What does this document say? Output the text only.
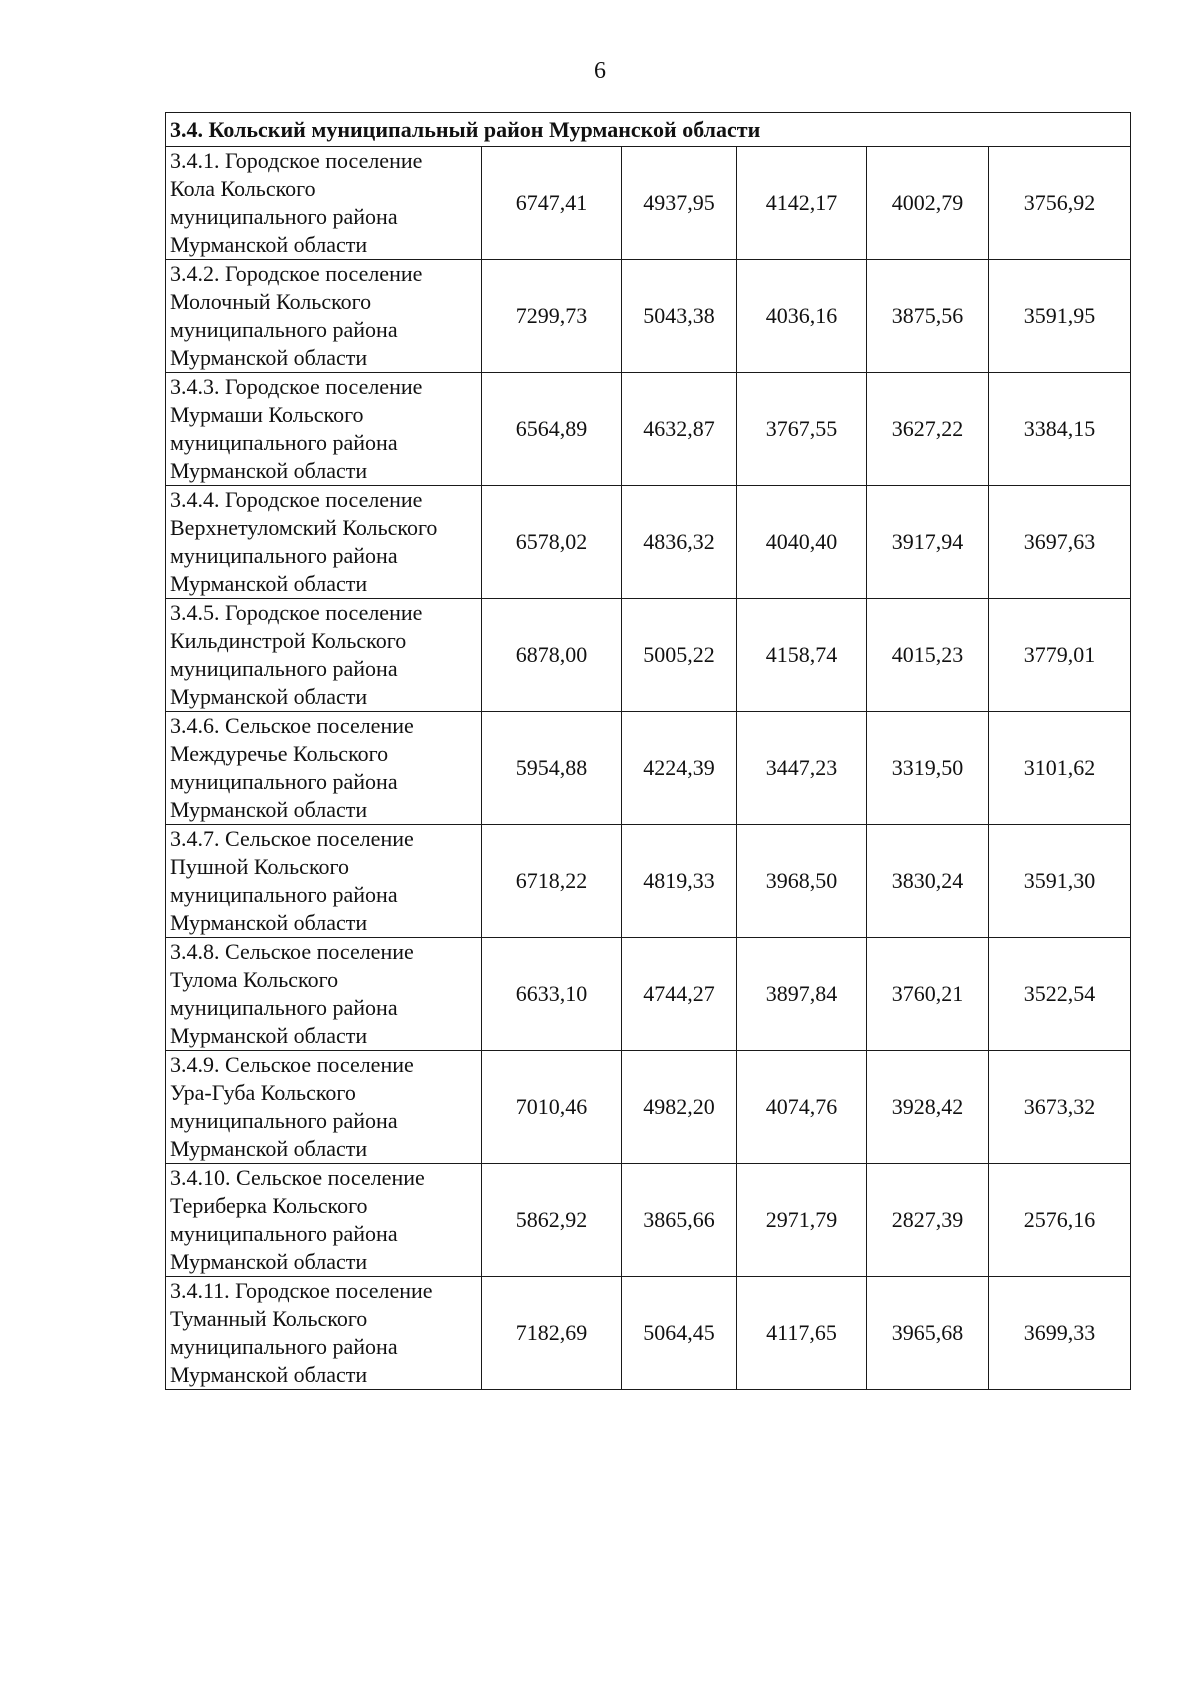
6
3.4. Кольский муниципальный район Мурманской области					

3.4.1. Городское поселение
Кола Кольского
муниципального района
Мурманской области	6747,41	4937,95	4142,17	4002,79	3756,92

3.4.2. Городское поселение
Молочный Кольского
муниципального района
Мурманской области	7299,73	5043,38	4036,16	3875,56	3591,95

3.4.3. Городское поселение
Мурмаши Кольского
муниципального района
Мурманской области	6564,89	4632,87	3767,55	3627,22	3384,15

3.4.4. Городское поселение
Верхнетуломский Кольского
муниципального района
Мурманской области	6578,02	4836,32	4040,40	3917,94	3697,63

3.4.5. Городское поселение
Кильдинстрой Кольского
муниципального района
Мурманской области	6878,00	5005,22	4158,74	4015,23	3779,01

3.4.6. Сельское поселение
Междуречье Кольского
муниципального района
Мурманской области	5954,88	4224,39	3447,23	3319,50	3101,62

3.4.7. Сельское поселение
Пушной Кольского
муниципального района
Мурманской области	6718,22	4819,33	3968,50	3830,24	3591,30

3.4.8. Сельское поселение
Тулома Кольского
муниципального района
Мурманской области	6633,10	4744,27	3897,84	3760,21	3522,54

3.4.9. Сельское поселение
Ура-Губа Кольского
муниципального района
Мурманской области	7010,46	4982,20	4074,76	3928,42	3673,32

3.4.10. Сельское поселение
Териберка Кольского
муниципального района
Мурманской области	5862,92	3865,66	2971,79	2827,39	2576,16

3.4.11. Городское поселение
Туманный Кольского
муниципального района
Мурманской области	7182,69	5064,45	4117,65	3965,68	3699,33
